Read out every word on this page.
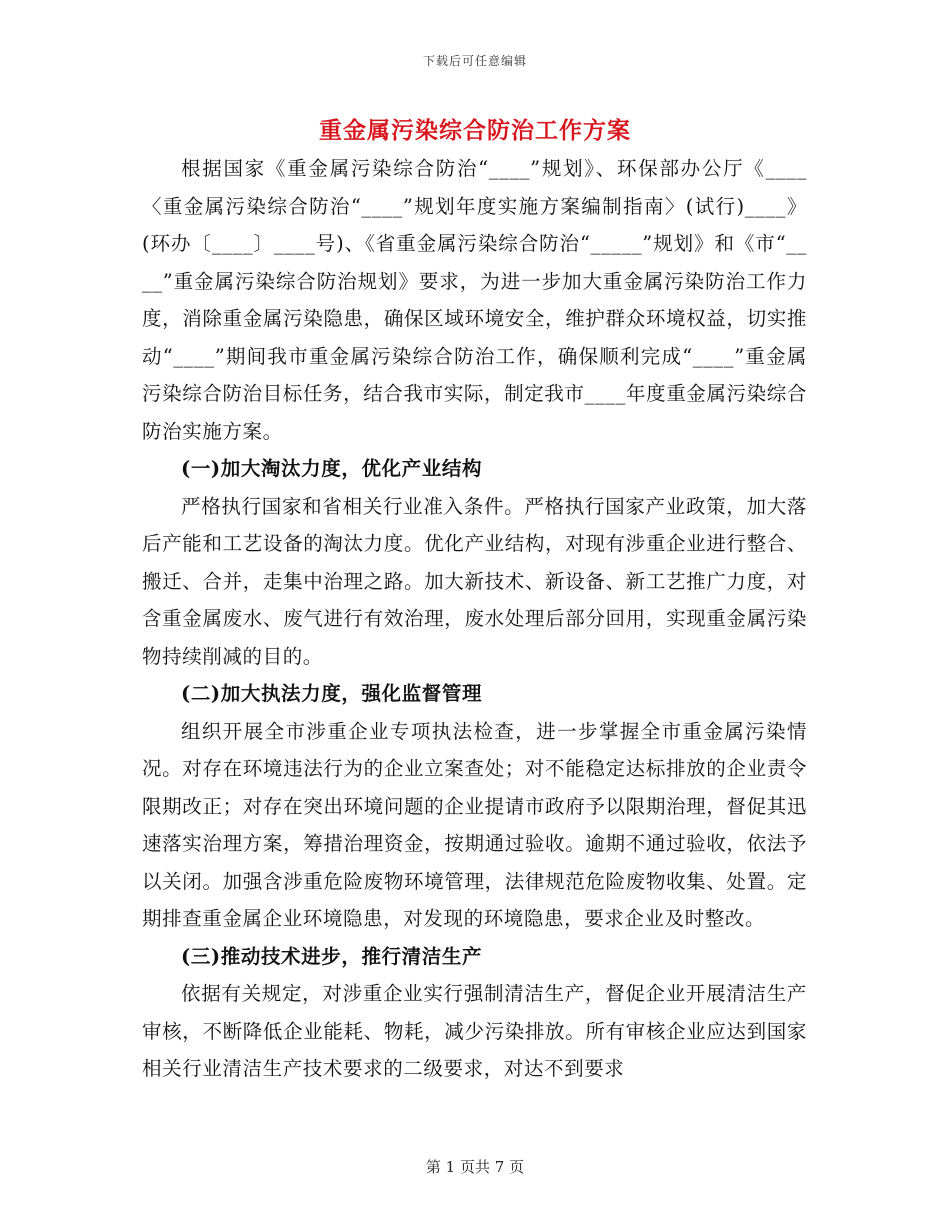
下载后可任意编辑
重金属污染综合防治工作方案

根据国家《重金属污染综合防治“____”规划》、环保部办公厅《____〈重金属污染综合防治“____”规划年度实施方案编制指南〉(试行)____》(环办〔____〕____号)、《省重金属污染综合防治“_____”规划》和《市“____”重金属污染综合防治规划》要求，为进一步加大重金属污染防治工作力度，消除重金属污染隐患，确保区域环境安全，维护群众环境权益，切实推动“____”期间我市重金属污染综合防治工作，确保顺利完成“____”重金属污染综合防治目标任务，结合我市实际，制定我市____年度重金属污染综合防治实施方案。

(一)加大淘汰力度，优化产业结构

严格执行国家和省相关行业准入条件。严格执行国家产业政策，加大落后产能和工艺设备的淘汰力度。优化产业结构，对现有涉重企业进行整合、搬迁、合并，走集中治理之路。加大新技术、新设备、新工艺推广力度，对含重金属废水、废气进行有效治理，废水处理后部分回用，实现重金属污染物持续削减的目的。

(二)加大执法力度，强化监督管理

组织开展全市涉重企业专项执法检查，进一步掌握全市重金属污染情况。对存在环境违法行为的企业立案查处；对不能稳定达标排放的企业责令限期改正；对存在突出环境问题的企业提请市政府予以限期治理，督促其迅速落实治理方案，筹措治理资金，按期通过验收。逾期不通过验收，依法予以关闭。加强含涉重危险废物环境管理，法律规范危险废物收集、处置。定期排查重金属企业环境隐患，对发现的环境隐患，要求企业及时整改。

(三)推动技术进步，推行清洁生产

依据有关规定，对涉重企业实行强制清洁生产，督促企业开展清洁生产审核，不断降低企业能耗、物耗，减少污染排放。所有审核企业应达到国家相关行业清洁生产技术要求的二级要求，对达不到要求

第 1 页共 7 页
